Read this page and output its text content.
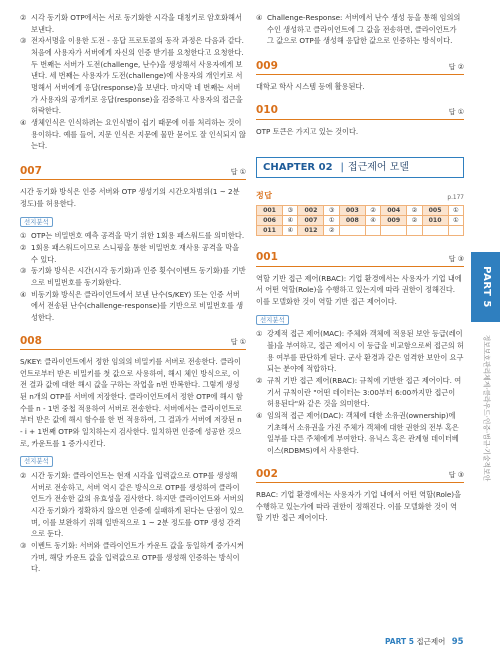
② 시각 동기화 OTP에서는 서로 동기화한 시각을 대칭키로 암호화해서 보낸다.
③ 전자서명을 이용한 도전 - 응답 프로토콜의 동작 과정은 다음과 같다. 처음에 사용자가 서버에게 자신의 인증 받기를 요청한다고 요청한다. 두 번째는 서버가 도전(challenge, 난수)을 생성해서 사용자에게 보낸다. 세 번째는 사용자가 도전(challenge)에 사용자의 개인키로 서명해서 서버에게 응답(response)을 보낸다. 마지막 네 번째는 서버가 사용자의 공개키로 응답(response)을 검증하고 사용자의 접근을 허락한다.
④ 생체인식은 인식하려는 요인식별이 쉽기 때문에 이를 처리하는 것이 용이하다. 예를 들어, 지문 인식은 지문에 물만 묻어도 잘 인식되지 않는다.
007	답 ①
시간 동기화 방식은 인증 서버와 OTP 생성기의 시간오차범위(1 ~ 2분 정도)를 허용한다.
선지분석
① OTP는 비밀번호 예측 공격을 막기 위한 1회용 패스워드를 의미한다.
② 1회용 패스워드이므로 스니핑을 통한 비밀번호 재사용 공격을 막을 수 있다.
③ 동기화 방식은 시간(시각 동기화)과 인증 횟수(이벤트 동기화)를 기반으로 비밀번호를 동기화한다.
④ 비동기화 방식은 클라이언트에서 보낸 난수(S/KEY) 또는 인증 서버에서 전송된 난수(challenge-response)를 기반으로 비밀번호를 생성한다.
008	답 ①
S/KEY: 클라이언트에서 정한 임의의 비밀키를 서버로 전송한다. 클라이언트로부터 받은 비밀키를 첫 값으로 사용하여, 해시 체인 방식으로, 이전 결과 값에 대한 해시 값을 구하는 작업을 n번 반복한다. 그렇게 생성된 n개의 OTP를 서버에 저장한다. 클라이언트에서 정한 OTP에 해시 함수를 n - 1번 중첩 적용하여 서버로 전송한다. 서버에서는 클라이언트로부터 받은 값에 해시 함수를 한 번 적용하여, 그 결과가 서버에 저장된 n - i + 1번째 OTP와 일치하는지 검사한다. 일치하면 인증에 성공한 것으로, 카운트를 1 증가시킨다.
선지분석
② 시간 동기화: 클라이언트는 현재 시각을 입력값으로 OTP를 생성해 서버로 전송하고, 서버 역시 같은 방식으로 OTP를 생성하여 클라이언트가 전송한 값의 유효성을 검사한다. 하지만 클라이언트와 서버의 시간 동기화가 정확하지 않으면 인증에 실패하게 된다는 단점이 있으며, 이를 보완하기 위해 일반적으로 1 ~ 2분 정도를 OTP 생성 간격으로 둔다.
③ 이벤트 동기화: 서버와 클라이언트가 카운트 값을 동일하게 증가시켜 가며, 해당 카운트 값을 입력값으로 OTP를 생성해 인증하는 방식이다.
④ Challenge-Response: 서버에서 난수 생성 등을 통해 임의의 수인 생성하고 클라이언트에 그 값을 전송하면, 클라이언트가 그 값으로 OTP를 생성해 응답한 값으로 인증하는 방식이다.
009	답 ②
대학교 학사 시스템 등에 활용된다.
010	답 ①
OTP 토큰은 가지고 있는 것이다.
CHAPTER 02 | 접근제어 모델
정답	p.177
001	③	002	③	003	②	004	②	005	①
006	④	007	①	008	④	009	②	010	①
011	④	012	②						
001	답 ③
역할 기반 접근 제어(RBAC): 기업 환경에서는 사용자가 기업 내에서 어떤 역할(Role)을 수행하고 있는지에 따라 권한이 정해진다. 이를 모델화한 것이 역할 기반 접근 제어이다.
선지분석
① 강제적 접근 제어(MAC): 주체와 객체에 적용된 보안 등급(레이블)을 부여하고, 접근 제어시 이 등급을 비교함으로써 접근의 허용 여부를 판단하게 된다. 군사 환경과 같은 엄격한 보안이 요구되는 분야에 적합하다.
② 규칙 기반 접근 제어(RBAC): 규칙에 기반한 접근 제어이다. 여기서 규칙이란 "어떤 데이터는 3:00부터 6:00까지만 접근이 허용된다"와 같은 것을 의미한다.
④ 임의적 접근 제어(DAC): 객체에 대한 소유권(ownership)에 기초해서 소유권을 가진 주체가 객체에 대한 권한의 전부 혹은 일부를 다른 주체에게 부여한다. 유닉스 혹은 관계형 데이터베이스(RDBMS)에서 사용한다.
002	답 ③
RBAC: 기업 환경에서는 사용자가 기업 내에서 어떤 역할(Role)을 수행하고 있는가에 따라 권한이 정해진다. 이를 모델화한 것이 역할 기반 접근 제어이다.
PART 5
정보보호관리체계·클라우드·인증·법규·기술적보안
PART 5 접근제어 95
